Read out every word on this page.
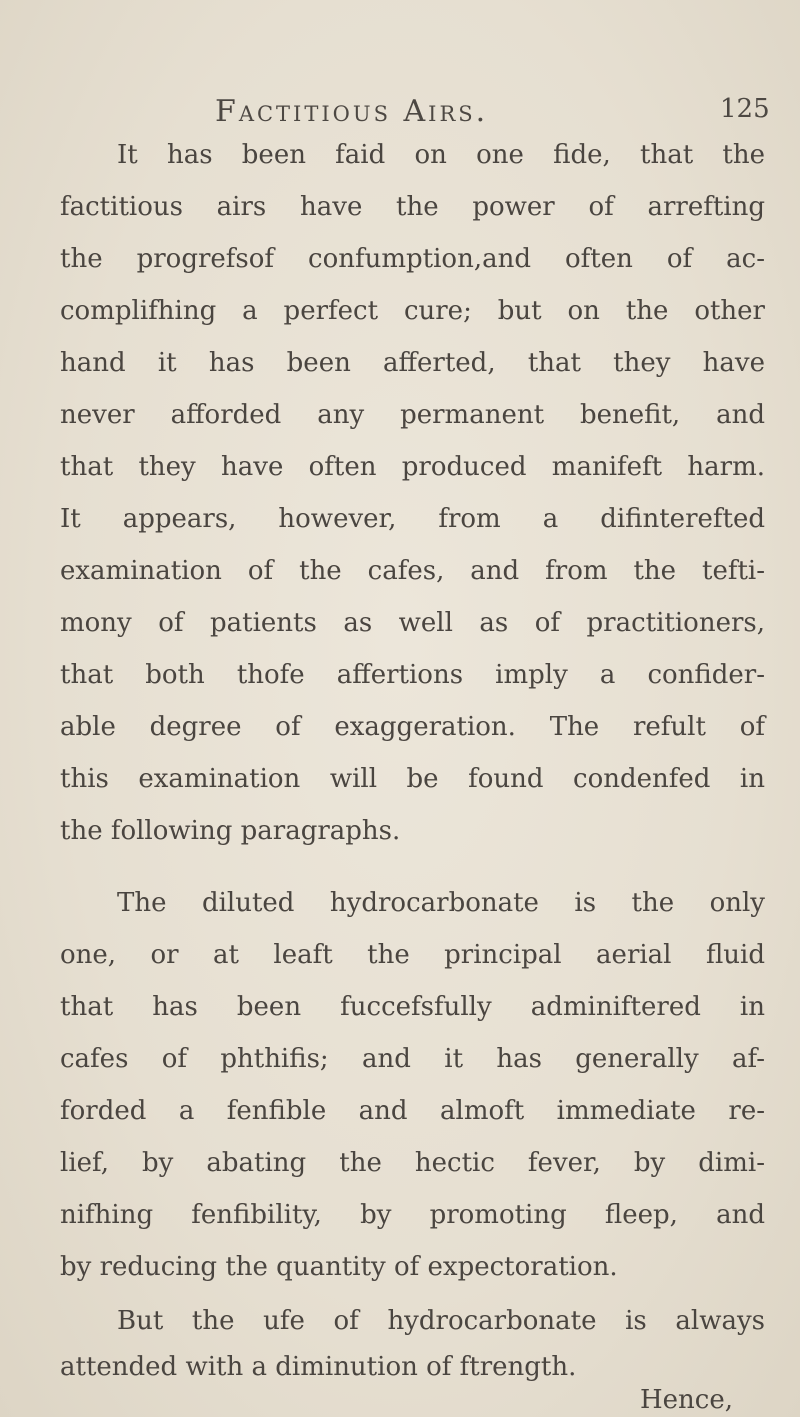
Factitious Airs.	125
It has been faid on one fide, that the
factitious airs have the power of arrefting
the progrefsof confumption,and often of ac-
complifhing a perfect cure; but on the other
hand it has been afferted, that they have
never afforded any permanent benefit, and
that they have often produced manifeft harm.
It appears, however, from a difinterefted
examination of the cafes, and from the tefti-
mony of patients as well as of practitioners,
that both thofe affertions imply a confider-
able degree of exaggeration. The refult of
this examination will be found condenfed in
the following paragraphs.
The diluted hydrocarbonate is the only
one, or at leaft the principal aerial fluid
that has been fuccefsfully adminiftered in
cafes of phthifis; and it has generally af-
forded a fenfible and almoft immediate re-
lief, by abating the hectic fever, by dimi-
nifhing fenfibility, by promoting fleep, and
by reducing the quantity of expectoration.
But the ufe of hydrocarbonate is always
attended with a diminution of ftrength.
Hence,
